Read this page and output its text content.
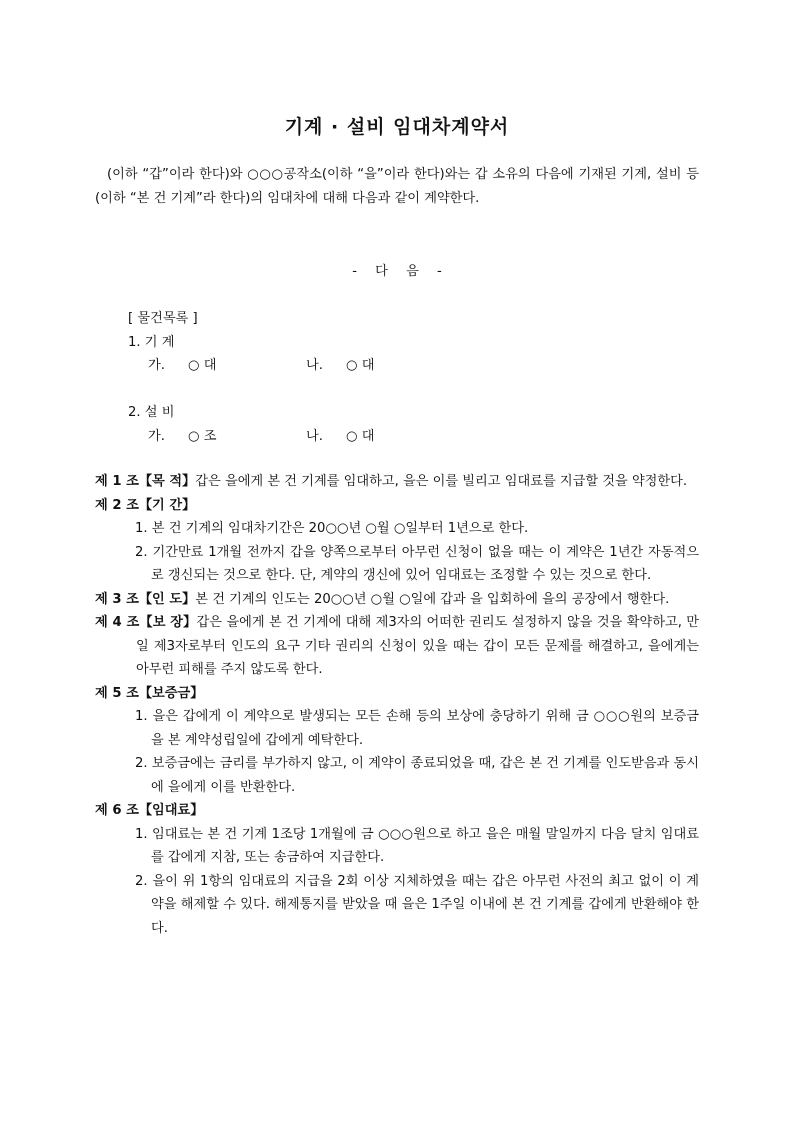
기계 · 설비 임대차계약서
(이하 “갑”이라 한다)와 ○○○공작소(이하 “을”이라 한다)와는 갑 소유의 다음에 기재된 기계, 설비 등(이하 “본 건 기계”라 한다)의 임대차에 대해 다음과 같이 계약한다.
- 다 음 -
[ 물건목록 ]
1. 기 계
가. ○ 대	나. ○ 대
2. 설 비
가. ○ 조	나. ○ 대
제 1 조【목 적】갑은 을에게 본 건 기계를 임대하고, 을은 이를 빌리고 임대료를 지급할 것을 약정한다.
제 2 조【기 간】
1. 본 건 기계의 임대차기간은 20○○년 ○월 ○일부터 1년으로 한다.
2. 기간만료 1개월 전까지 갑을 양쪽으로부터 아무런 신청이 없을 때는 이 계약은 1년간 자동적으로 갱신되는 것으로 한다. 단, 계약의 갱신에 있어 임대료는 조정할 수 있는 것으로 한다.
제 3 조【인 도】본 건 기계의 인도는 20○○년 ○월 ○일에 갑과 을 입회하에 을의 공장에서 행한다.
제 4 조【보 장】갑은 을에게 본 건 기계에 대해 제3자의 어떠한 권리도 설정하지 않을 것을 확약하고, 만일 제3자로부터 인도의 요구 기타 권리의 신청이 있을 때는 갑이 모든 문제를 해결하고, 을에게는 아무런 피해를 주지 않도록 한다.
제 5 조【보증금】
1. 을은 갑에게 이 계약으로 발생되는 모든 손해 등의 보상에 충당하기 위해 금 ○○○원의 보증금을 본 계약성립일에 갑에게 예탁한다.
2. 보증금에는 금리를 부가하지 않고, 이 계약이 종료되었을 때, 갑은 본 건 기계를 인도받음과 동시에 을에게 이를 반환한다.
제 6 조【임대료】
1. 임대료는 본 건 기계 1조당 1개월에 금 ○○○원으로 하고 을은 매월 말일까지 다음 달치 임대료를 갑에게 지참, 또는 송금하여 지급한다.
2. 을이 위 1항의 임대료의 지급을 2회 이상 지체하였을 때는 갑은 아무런 사전의 최고 없이 이 계약을 해제할 수 있다. 해제통지를 받았을 때 을은 1주일 이내에 본 건 기계를 갑에게 반환해야 한다.
